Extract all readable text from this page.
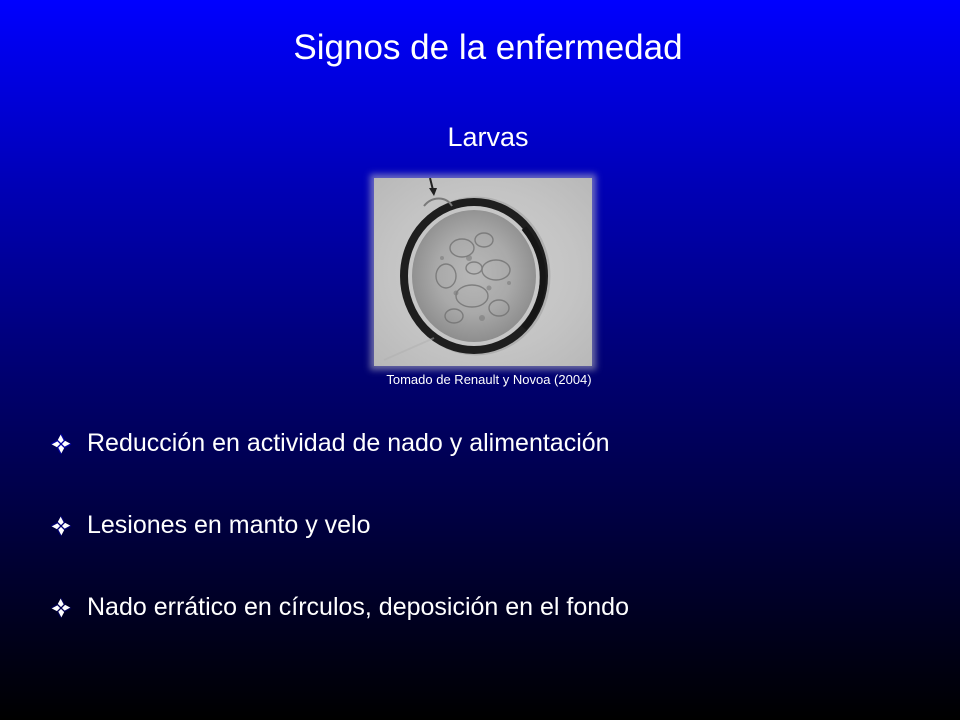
Signos de la enfermedad
Larvas
Tomado de Renault y Novoa (2004)
Reducción en actividad de nado y alimentación
Lesiones en manto y velo
Nado errático en círculos, deposición en el fondo
